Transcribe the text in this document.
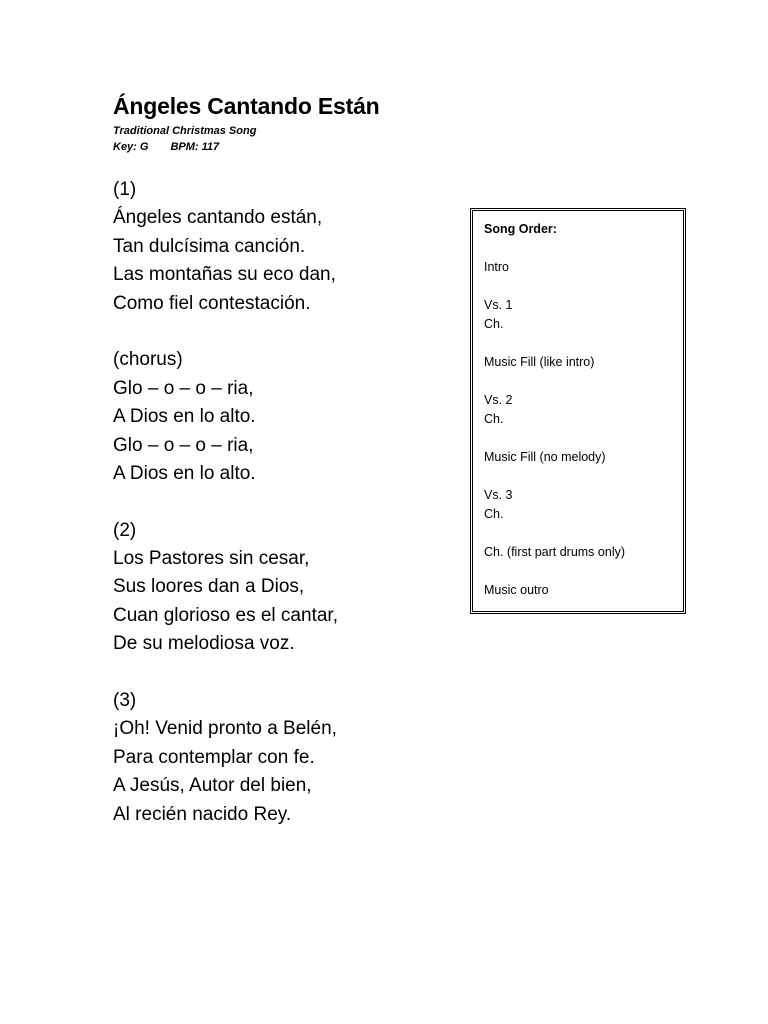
Ángeles Cantando Están
Traditional Christmas Song
Key: G BPM: 117
(1)
Ángeles cantando están,
Tan dulcísima canción.
Las montañas su eco dan,
Como fiel contestación.
(chorus)
Glo – o – o – ria,
A Dios en lo alto.
Glo – o – o – ria,
A Dios en lo alto.
(2)
Los Pastores sin cesar,
Sus loores dan a Dios,
Cuan glorioso es el cantar,
De su melodiosa voz.
(3)
¡Oh! Venid pronto a Belén,
Para contemplar con fe.
A Jesús, Autor del bien,
Al recién nacido Rey.
Song Order:
Intro
Vs. 1
Ch.
Music Fill (like intro)
Vs. 2
Ch.
Music Fill (no melody)
Vs. 3
Ch.
Ch. (first part drums only)
Music outro
